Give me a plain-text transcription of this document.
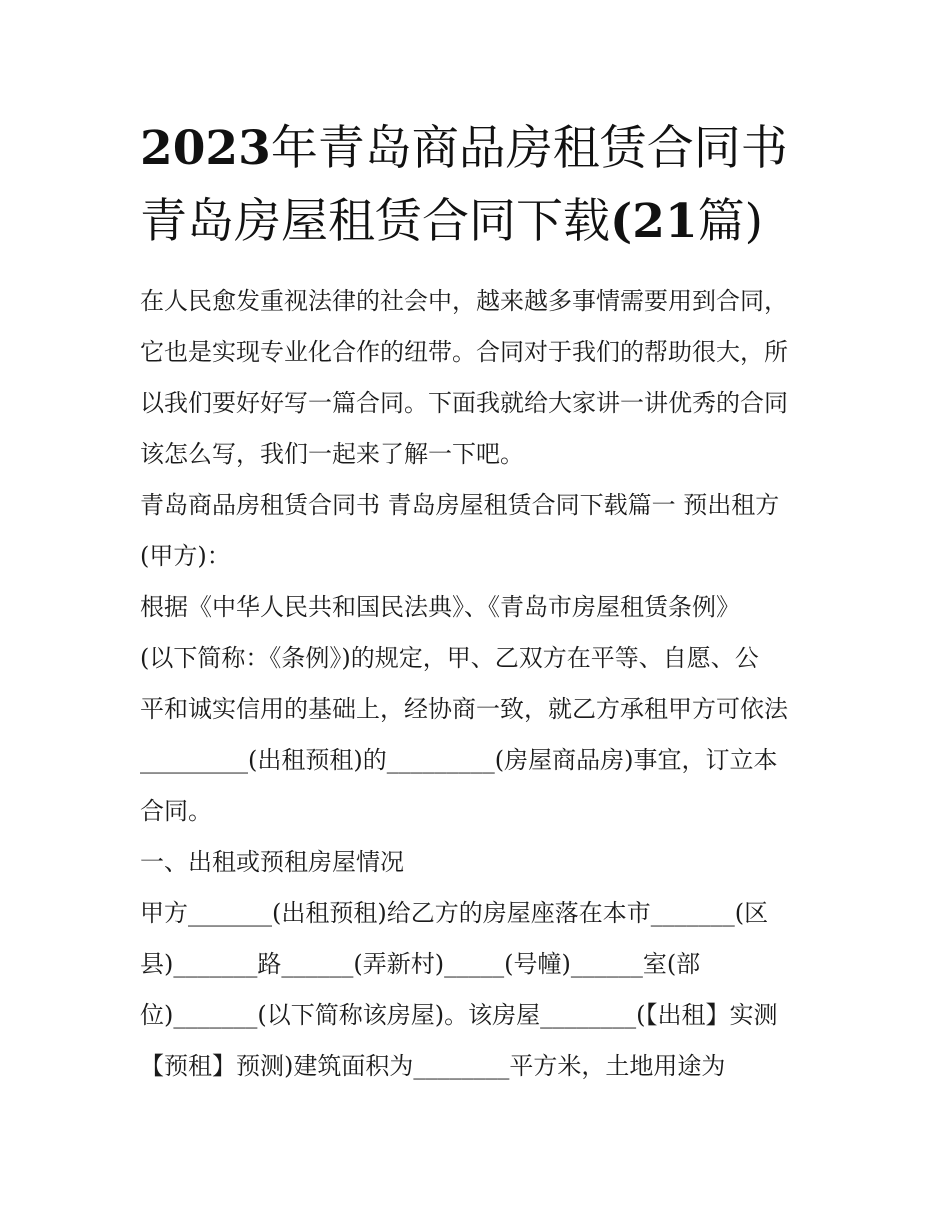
2023年青岛商品房租赁合同书
青岛房屋租赁合同下载(21篇)
在人民愈发重视法律的社会中，越来越多事情需要用到合同，
它也是实现专业化合作的纽带。合同对于我们的帮助很大，所
以我们要好好写一篇合同。下面我就给大家讲一讲优秀的合同
该怎么写，我们一起来了解一下吧。
青岛商品房租赁合同书 青岛房屋租赁合同下载篇一 预出租方
(甲方)：
根据《中华人民共和国民法典》、《青岛市房屋租赁条例》
(以下简称：《条例》)的规定，甲、乙双方在平等、自愿、公
平和诚实信用的基础上，经协商一致，就乙方承租甲方可依法
_________(出租预租)的_________(房屋商品房)事宜，订立本
合同。
一、出租或预租房屋情况
甲方_______(出租预租)给乙方的房屋座落在本市_______(区
县)_______路______(弄新村)_____(号幢)______室(部
位)_______(以下简称该房屋)。该房屋________(【出租】实测
【预租】预测)建筑面积为________平方米，土地用途为
